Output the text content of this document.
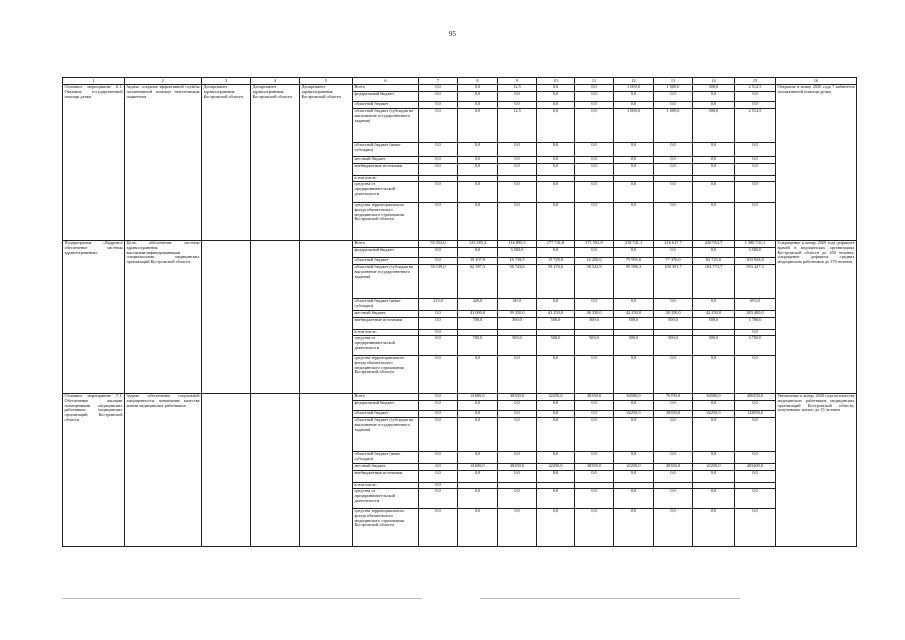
95
1	2	3	4	5	6	7	8	9	10	11	12	13	14	15	16
Основное мероприятие 6.1. Оказание государственной помощи детям	Задача: создание эффективной службы паллиативной помощи неизлечимым пациентам	Департамент здравоохранения Костромской области	Департамент здравоохранения Костромской области	Департамент здравоохранения Костромской области	Всего	0,0	0,0	12,5	0,0	0,0	1 000,0	1 000,0	500,0	2 512,5	Открытие в конце 2020 года 7 кабинетов паллиативной помощи детям
					федеральный бюджет	0,0	0,0	0,0	0,0	0,0	0,0	0,0	0,0	0,0	
					областной бюджет	0,0	0,0	0,0	0,0	0,0	0,0	0,0	0,0	0,0	
					областной бюджет (субсидия на выполнение государственного задания)	0,0	0,0	12,5	0,0	0,0	1 000,0	1 000,0	500,0	2 512,5	
					областной бюджет (иные субсидии)	0,0	0,0	0,0	0,0	0,0	0,0	0,0	0,0	0,0	
					местный бюджет	0,0	0,0	0,0	0,0	0,0	0,0	0,0	0,0	0,0	
					внебюджетные источники	0,0	0,0	0,0	0,0	0,0	0,0	0,0	0,0	0,0	
					в том числе:										
					средства от предпринимательской деятельности	0,0	0,0	0,0	0,0	0,0	0,0	0,0	0,0	0,0	
					средства территориального фонда обязательного медицинского страхования Костромской области	0,0	0,0	0,0	0,0	0,0	0,0	0,0	0,0	0,0	
Подпрограмма «Кадровое обеспечение системы здравоохранения»	Цель: обеспечение системы здравоохранения высококвалифицированными специалистами медицинских организаций Костромской области				Всего	55 352,0	123 385,3	116 895,5	177 741,8	171 592,9	218 741,1	216 617,7	230 954,7	1 380 741,1	Сокращение к концу 2020 года дефицита врачей в медицинских организациях Костромской области до 450 человек, сокращение дефицита средних медицинских работников до 370 человек
					федеральный бюджет	0,0	0,0	3 500,0	0,0	0,0	0,0	0,0	0,0	3 500,0	
					областной бюджет	0,0	19 107,9	16 739,9	15 729,9	16 250,0	75 995,0	77 376,0	82 725,0	303 923,8	
					областной бюджет (субсидия на выполнение государственного задания)	55 139,0	62 587,3	56 743,6	59 270,6	58 522,9	95 996,3	100 391,7	104 773,7	593 427,3	
					областной бюджет (иные субсидии)	213,0	420,0	60,0	0,0	0,0	0,0	0,0	0,0	693,0	
					местный бюджет	0,0	41 000,0	39 350,0	41 250,0	38 350,0	42 250,0	38 350,0	42 250,0	283 400,0	
					внебюджетные источники	0,0	700,0	500,0	500,0	500,0	500,0	500,0	500,0	3 700,0	
					в том числе:	0,0								0,0	
					средства от предпринимательской деятельности	0,0	700,0	500,0	500,0	500,0	500,0	500,0	500,0	3 700,0	
					средства территориального фонда обязательного медицинского страхования Костромской области	0,0	0,0	0,0	0,0	0,0	0,0	0,0	0,0	0,0	
Основное мероприятие 7.1. Обеспечение жилыми помещениями медицинских работников медицинских организаций Костромской области	Задача: обеспечение социальной защищенности, повышение качества жизни медицинских работников				Всего	0,0	41600,0	38350,0	42250,0	38350,0	84500,0	76700,0	84500,0	406250,0	Увеличение к концу 2020 года количества медицинских работников медицинских организаций Костромской области, получивших жилье, до 15 человек
					федеральный бюджет	0,0	0,0	0,0	0,0	0,0	0,0	0,0	0,0	0,0	
					областной бюджет	0,0	0,0	0,0	0,0	0,0	42250,0	38350,0	42250,0	122850,0	
					областной бюджет (субсидия на выполнение государственного задания)	0,0	0,0	0,0	0,0	0,0	0,0	0,0	0,0	0,0	
					областной бюджет (иные субсидии)	0,0	0,0	0,0	0,0	0,0	0,0	0,0	0,0	0,0	
					местный бюджет	0,0	41600,0	38350,0	42250,0	38350,0	42250,0	38350,0	42250,0	283400,0	
					внебюджетные источники	0,0	0,0	0,0	0,0	0,0	0,0	0,0	0,0	0,0	
					в том числе:	0,0									
					средства от предпринимательской деятельности	0,0	0,0	0,0	0,0	0,0	0,0	0,0	0,0	0,0	
					средства территориального фонда обязательного медицинского страхования Костромской области	0,0	0,0	0,0	0,0	0,0	0,0	0,0	0,0	0,0	
